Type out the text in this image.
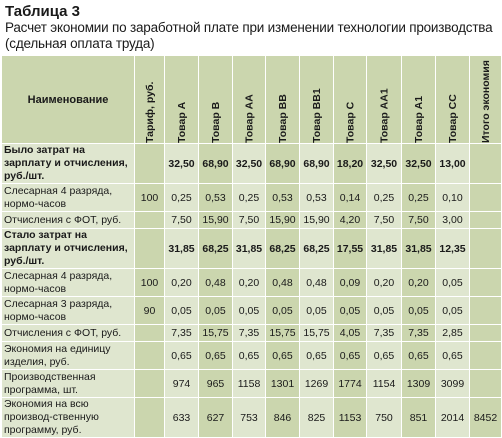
Таблица 3
Расчет экономии по заработной плате при изменении технологии производства (сдельная оплата труда)
Наименование	Тариф, руб.	Товар А	Товар В	Товар АА	Товар ВВ	Товар ВВ1	Товар С	Товар АА1	Товар А1	Товар СС	Итого экономия
Было затрат на зарплату и отчисления, руб./шт.		32,50	68,90	32,50	68,90	68,90	18,20	32,50	32,50	13,00	
Слесарная 4 разряда, нормо-часов	100	0,25	0,53	0,25	0,53	0,53	0,14	0,25	0,25	0,10	
Отчисления с ФОТ, руб.		7,50	15,90	7,50	15,90	15,90	4,20	7,50	7,50	3,00	
Стало затрат на зарплату и отчисления, руб./шт.		31,85	68,25	31,85	68,25	68,25	17,55	31,85	31,85	12,35	
Слесарная 4 разряда, нормо-часов	100	0,20	0,48	0,20	0,48	0,48	0,09	0,20	0,20	0,05	
Слесарная 3 разряда, нормо-часов	90	0,05	0,05	0,05	0,05	0,05	0,05	0,05	0,05	0,05	
Отчисления с ФОТ, руб.		7,35	15,75	7,35	15,75	15,75	4,05	7,35	7,35	2,85	
Экономия на единицу изделия, руб.		0,65	0,65	0,65	0,65	0,65	0,65	0,65	0,65	0,65	
Производственная программа, шт.		974	965	1158	1301	1269	1774	1154	1309	3099	
Экономия на всю производ-ственную программу, руб.		633	627	753	846	825	1153	750	851	2014	8452
